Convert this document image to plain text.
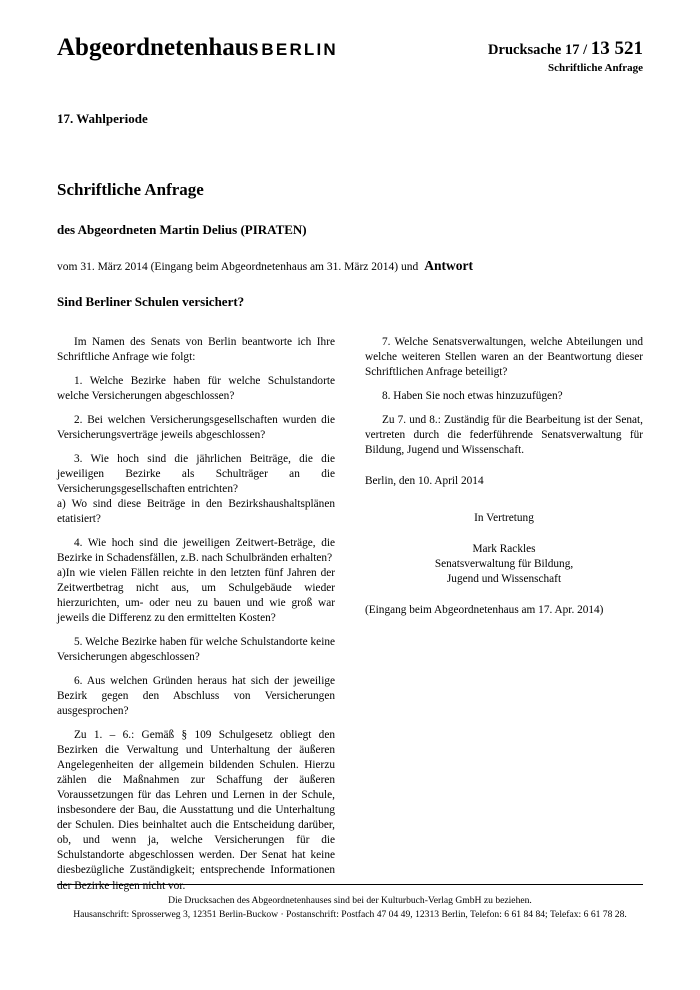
Abgeordnetenhaus BERLIN	Drucksache 17 / 13 521
Schriftliche Anfrage
17. Wahlperiode
Schriftliche Anfrage
des Abgeordneten Martin Delius (PIRATEN)
vom 31. März 2014 (Eingang beim Abgeordnetenhaus am 31. März 2014) und Antwort
Sind Berliner Schulen versichert?

Im Namen des Senats von Berlin beantworte ich Ihre Schriftliche Anfrage wie folgt:

1. Welche Bezirke haben für welche Schulstandorte welche Versicherungen abgeschlossen?

2. Bei welchen Versicherungsgesellschaften wurden die Versicherungsverträge jeweils abgeschlossen?

3. Wie hoch sind die jährlichen Beiträge, die die jeweiligen Bezirke als Schulträger an die Versicherungsgesellschaften entrichten?

a) Wo sind diese Beiträge in den Bezirkshaushaltsplänen etatisiert?

4. Wie hoch sind die jeweiligen Zeitwert-Beträge, die Bezirke in Schadensfällen, z.B. nach Schulbränden erhalten?

a)In wie vielen Fällen reichte in den letzten fünf Jahren der Zeitwertbetrag nicht aus, um Schulgebäude wieder hierzurichten, um- oder neu zu bauen und wie groß war jeweils die Differenz zu den ermittelten Kosten?

5. Welche Bezirke haben für welche Schulstandorte keine Versicherungen abgeschlossen?

6. Aus welchen Gründen heraus hat sich der jeweilige Bezirk gegen den Abschluss von Versicherungen ausgesprochen?

Zu 1. – 6.: Gemäß § 109 Schulgesetz obliegt den Bezirken die Verwaltung und Unterhaltung der äußeren Angelegenheiten der allgemein bildenden Schulen. Hierzu zählen die Maßnahmen zur Schaffung der äußeren Voraussetzungen für das Lehren und Lernen in der Schule, insbesondere der Bau, die Ausstattung und die Unterhaltung der Schulen. Dies beinhaltet auch die Entscheidung darüber, ob, und wenn ja, welche Versicherungen für die Schulstandorte abgeschlossen werden. Der Senat hat keine diesbezügliche Zuständigkeit; entsprechende Informationen der Bezirke liegen nicht vor.

7. Welche Senatsverwaltungen, welche Abteilungen und welche weiteren Stellen waren an der Beantwortung dieser Schriftlichen Anfrage beteiligt?

8. Haben Sie noch etwas hinzuzufügen?

Zu 7. und 8.: Zuständig für die Bearbeitung ist der Senat, vertreten durch die federführende Senatsverwaltung für Bildung, Jugend und Wissenschaft.

Berlin, den 10. April 2014

In Vertretung

Mark Rackles

Senatsverwaltung für Bildung,

Jugend und Wissenschaft

(Eingang beim Abgeordnetenhaus am 17. Apr. 2014)

Die Drucksachen des Abgeordnetenhauses sind bei der Kulturbuch-Verlag GmbH zu beziehen.
Hausanschrift: Sprosserweg 3, 12351 Berlin-Buckow · Postanschrift: Postfach 47 04 49, 12313 Berlin, Telefon: 6 61 84 84; Telefax: 6 61 78 28.
